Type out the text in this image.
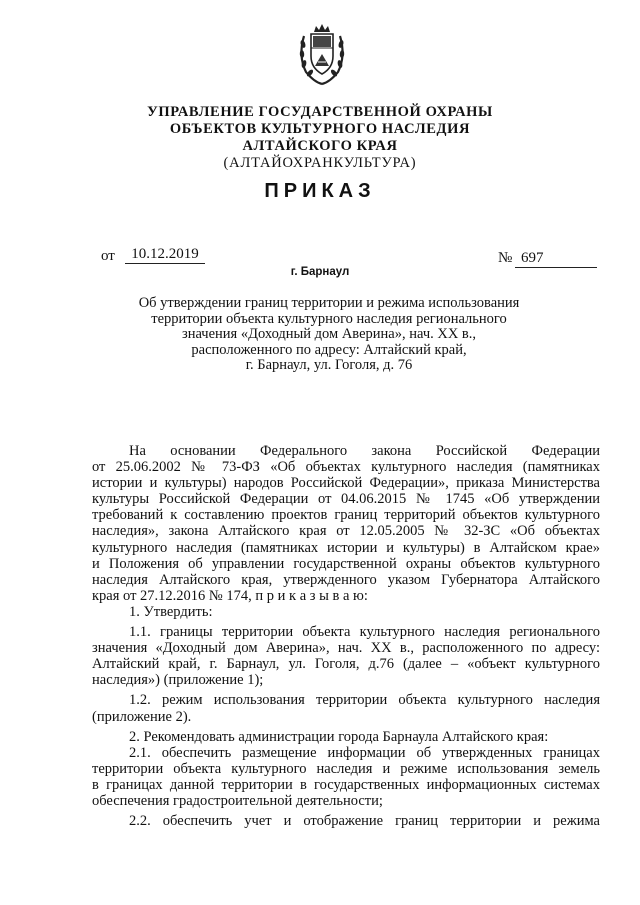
УПРАВЛЕНИЕ ГОСУДАРСТВЕННОЙ ОХРАНЫ
ОБЪЕКТОВ КУЛЬТУРНОГО НАСЛЕДИЯ
АЛТАЙСКОГО КРАЯ
(АЛТАЙОХРАНКУЛЬТУРА)
ПРИКАЗ
от	10.12.2019	№ 697
г. Барнаул
Об утверждении границ территории и режима использования
территории объекта культурного наследия регионального
значения «Доходный дом Аверина», нач. XX в.,
расположенного по адресу: Алтайский край,
г. Барнаул, ул. Гоголя, д. 76

На основании Федерального закона Российской Федерации

от 25.06.2002 № 73-ФЗ «Об объектах культурного наследия (памятниках

истории и культуры) народов Российской Федерации», приказа Министерства

культуры Российской Федерации от 04.06.2015 № 1745 «Об утверждении

требований к составлению проектов границ территорий объектов культурного

наследия», закона Алтайского края от 12.05.2005 № 32-ЗС «Об объектах

культурного наследия (памятниках истории и культуры) в Алтайском крае»

и Положения об управлении государственной охраны объектов культурного

наследия Алтайского края, утвержденного указом Губернатора Алтайского

края от 27.12.2016 № 174, п р и к а з ы в а ю:

1. Утвердить:

1.1. границы территории объекта культурного наследия регионального

значения «Доходный дом Аверина», нач. XX в., расположенного по адресу:

Алтайский край, г. Барнаул, ул. Гоголя, д.76 (далее – «объект культурного

наследия») (приложение 1);

1.2. режим использования территории объекта культурного наследия

(приложение 2).

2. Рекомендовать администрации города Барнаула Алтайского края:

2.1. обеспечить размещение информации об утвержденных границах

территории объекта культурного наследия и режиме использования земель

в границах данной территории в государственных информационных системах

обеспечения градостроительной деятельности;

2.2. обеспечить учет и отображение границ территории и режима
